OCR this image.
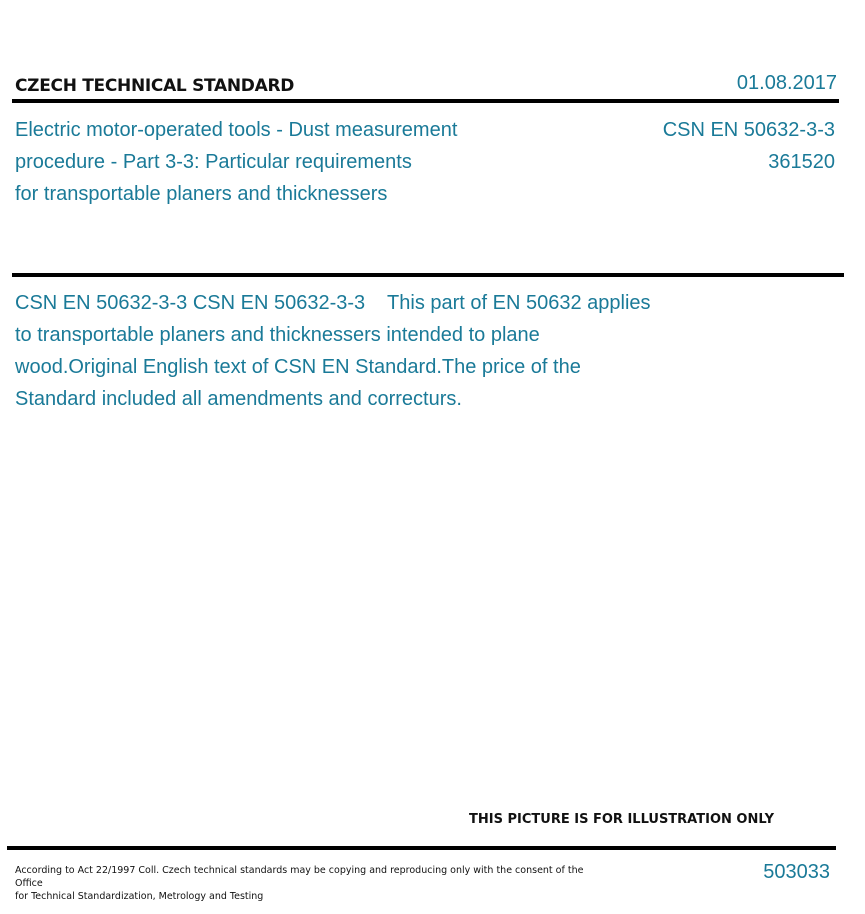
CZECH TECHNICAL STANDARD	01.08.2017
Electric motor-operated tools - Dust measurement
procedure - Part 3-3: Particular requirements
for transportable planers and thicknessers
CSN EN 50632-3-3
361520
CSN EN 50632-3-3 CSN EN 50632-3-3    This part of EN 50632 applies
to transportable planers and thicknessers intended to plane
wood.Original English text of CSN EN Standard.The price of the
Standard included all amendments and correcturs.
THIS PICTURE IS FOR ILLUSTRATION ONLY
According to Act 22/1997 Coll. Czech technical standards may be copying and reproducing only with the consent of the Office
for Technical Standardization, Metrology and Testing
503033
